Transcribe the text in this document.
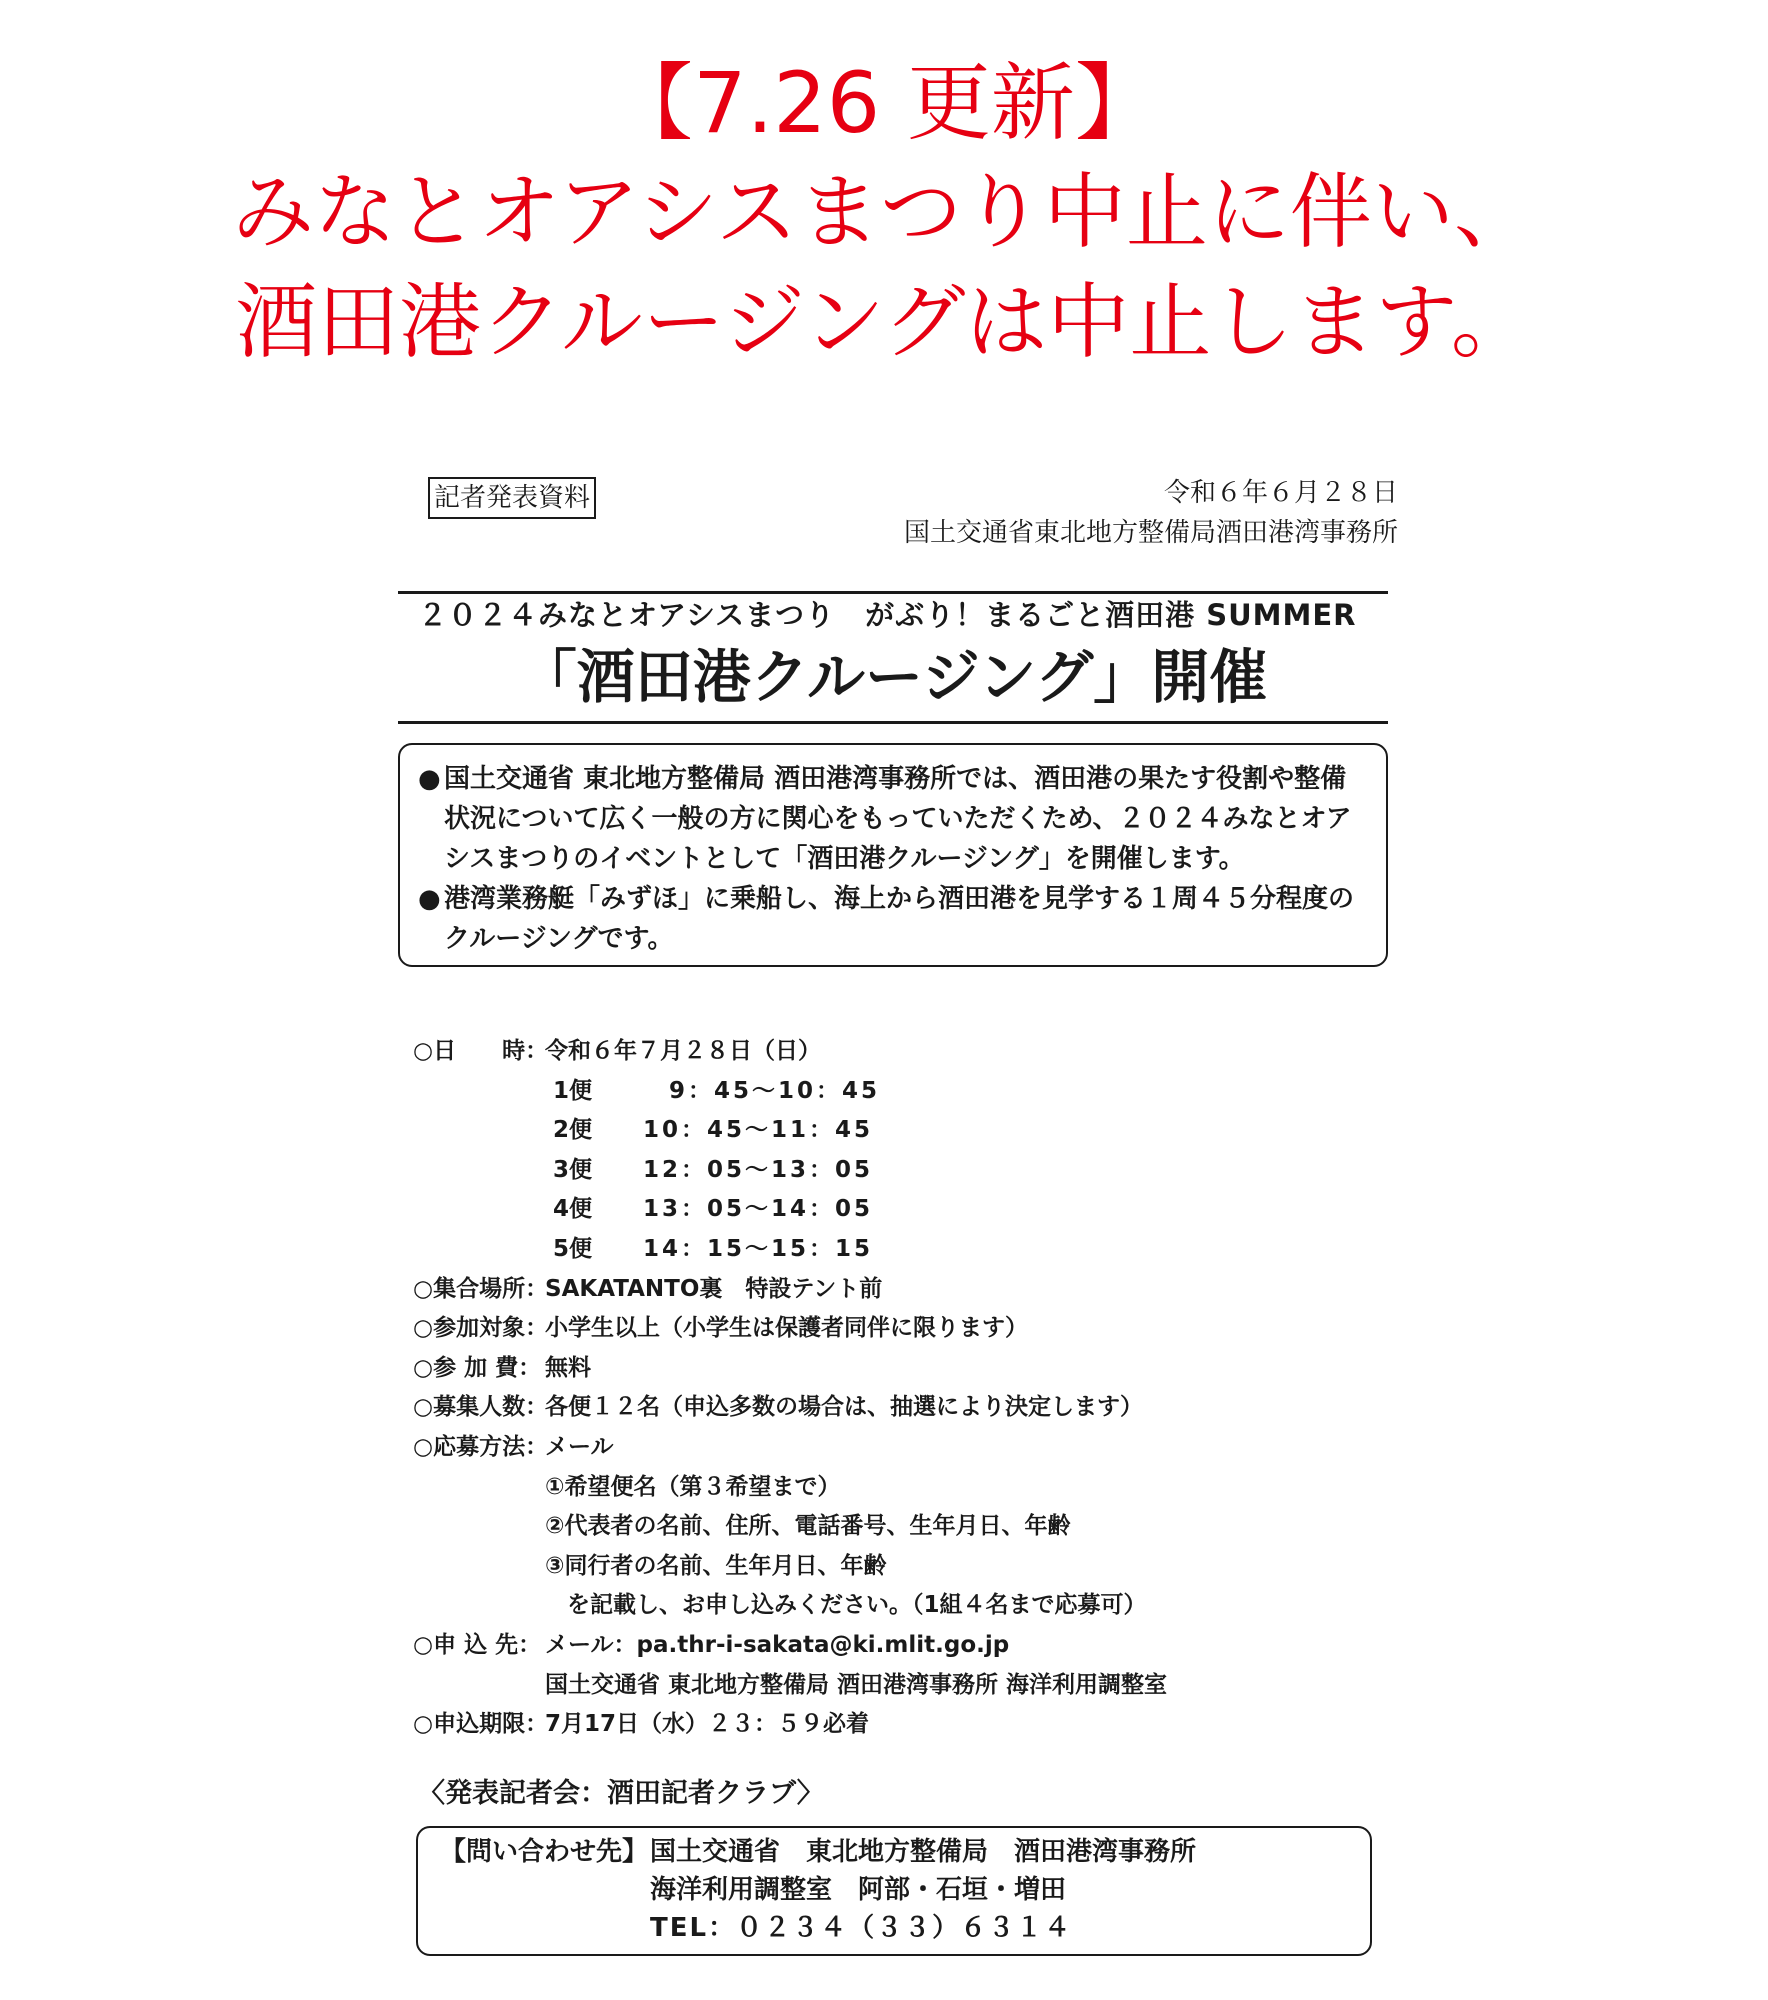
【7.26 更新】
みなとオアシスまつり中止に伴い、
酒田港クルージングは中止します。
記者発表資料	令和６年６月２８日
国土交通省東北地方整備局酒田港湾事務所
２０２４みなとオアシスまつり　がぶり！まるごと酒田港 SUMMER
「酒田港クルージング」開催
● 国土交通省 東北地方整備局 酒田港湾事務所では、酒田港の果たす役割や整備状況について広く一般の方に関心をもっていただくため、２０２４みなとオアシスまつりのイベントとして「酒田港クルージング」を開催します。
● 港湾業務艇「みずほ」に乗船し、海上から酒田港を見学する１周４５分程度のクルージングです。
○日　　時：
令和６年７月２８日（日）
1便 　9：45～10：45
2便 10：45～11：45
3便 12：05～13：05
4便 13：05～14：05
5便 14：15～15：15
○集合場所：
SAKATANTO裏　特設テント前
○参加対象：
小学生以上（小学生は保護者同伴に限ります）
○参 加 費： 無料
○募集人数：
各便１２名（申込多数の場合は、抽選により決定します）
○応募方法：
メール
①希望便名（第３希望まで）
②代表者の名前、住所、電話番号、生年月日、年齢
③同行者の名前、生年月日、年齢
を記載し、お申し込みください。（1組４名まで応募可）
○申 込 先： メール：pa.thr-i-sakata@ki.mlit.go.jp
国土交通省 東北地方整備局 酒田港湾事務所 海洋利用調整室
○申込期限：
7月17日（水）２３：５９必着
〈発表記者会：酒田記者クラブ〉
【問い合わせ先】 国土交通省　東北地方整備局　酒田港湾事務所
海洋利用調整室　阿部・石垣・増田
TEL：０２３４（３３）６３１４
